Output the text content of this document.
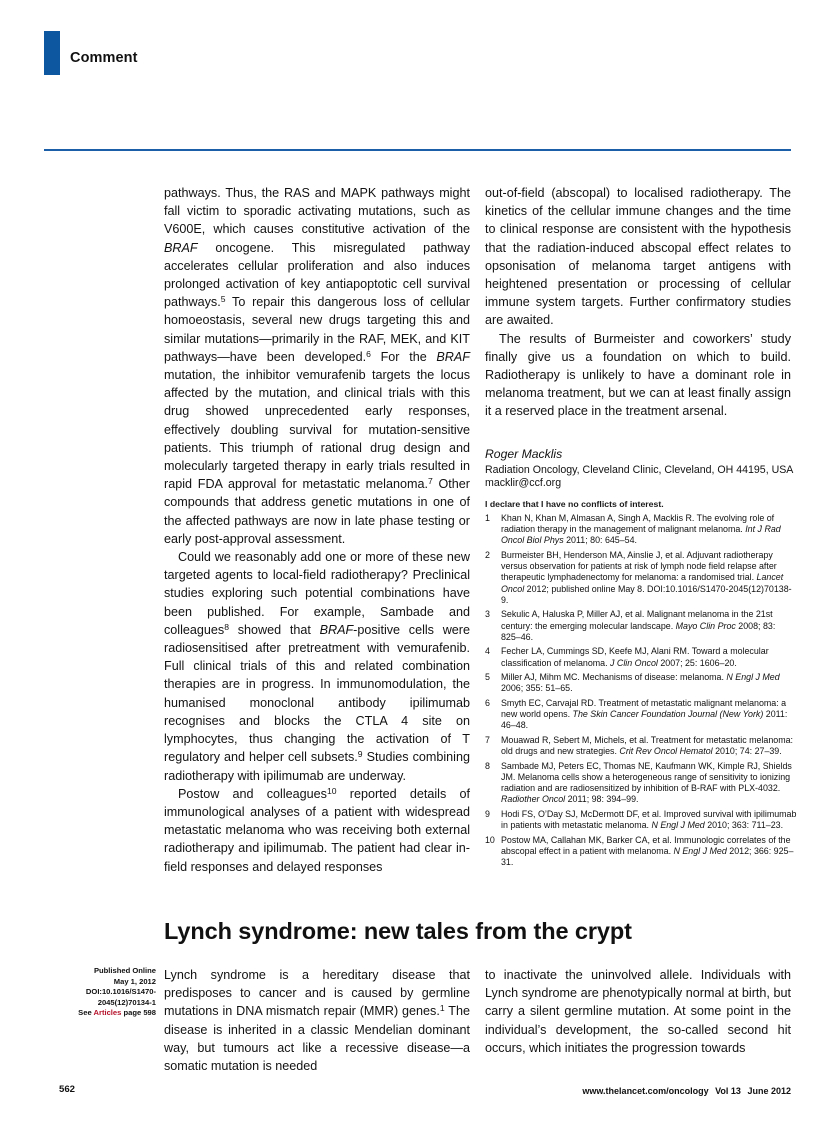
Comment

pathways. Thus, the RAS and MAPK pathways might fall victim to sporadic activating mutations, such as V600E, which causes constitutive activation of the BRAF oncogene. This misregulated pathway accelerates cellular proliferation and also induces prolonged activation of key antiapoptotic cell survival pathways.$^5$ To repair this dangerous loss of cellular homoeostasis, several new drugs targeting this and similar mutations—primarily in the RAF, MEK, and KIT pathways—have been developed.$^6$ For the BRAF mutation, the inhibitor vemurafenib targets the locus affected by the mutation, and clinical trials with this drug showed unprecedented early responses, effectively doubling survival for mutation-sensitive patients. This triumph of rational drug design and molecularly targeted therapy in early trials resulted in rapid FDA approval for metastatic melanoma.$^7$ Other compounds that address genetic mutations in one of the affected pathways are now in late phase testing or early post-approval assessment.

Could we reasonably add one or more of these new targeted agents to local-field radiotherapy? Preclinical studies exploring such potential combinations have been published. For example, Sambade and colleagues$^8$ showed that BRAF-positive cells were radiosensitised after pretreatment with vemurafenib. Full clinical trials of this and related combination therapies are in progress. In immunomodulation, the humanised monoclonal antibody ipilimumab recognises and blocks the CTLA 4 site on lymphocytes, thus changing the activation of T regulatory and helper cell subsets.$^9$ Studies combining radiotherapy with ipilimumab are underway.

Postow and colleagues$^{10}$ reported details of immunological analyses of a patient with widespread metastatic melanoma who was receiving both external radiotherapy and ipilimumab. The patient had clear in-field responses and delayed responses

out-of-field (abscopal) to localised radiotherapy. The kinetics of the cellular immune changes and the time to clinical response are consistent with the hypothesis that the radiation-induced abscopal effect relates to opsonisation of melanoma target antigens with heightened presentation or processing of cellular immune system targets. Further confirmatory studies are awaited.

The results of Burmeister and coworkers’ study finally give us a foundation on which to build. Radiotherapy is unlikely to have a dominant role in melanoma treatment, but we can at least finally assign it a reserved place in the treatment arsenal.

Roger Macklis
Radiation Oncology, Cleveland Clinic, Cleveland, OH 44195, USA
macklir@ccf.org
I declare that I have no conflicts of interest.
1	Khan N, Khan M, Almasan A, Singh A, Macklis R. The evolving role of radiation therapy in the management of malignant melanoma. Int J Rad Oncol Biol Phys 2011; 80: 645–54.
2	Burmeister BH, Henderson MA, Ainslie J, et al. Adjuvant radiotherapy versus observation for patients at risk of lymph node field relapse after therapeutic lymphadenectomy for melanoma: a randomised trial. Lancet Oncol 2012; published online May 8. DOI:10.1016/S1470-2045(12)70138-9.
3	Sekulic A, Haluska P, Miller AJ, et al. Malignant melanoma in the 21st century: the emerging molecular landscape. Mayo Clin Proc 2008; 83: 825–46.
4	Fecher LA, Cummings SD, Keefe MJ, Alani RM. Toward a molecular classification of melanoma. J Clin Oncol 2007; 25: 1606–20.
5	Miller AJ, Mihm MC. Mechanisms of disease: melanoma. N Engl J Med 2006; 355: 51–65.
6	Smyth EC, Carvajal RD. Treatment of metastatic malignant melanoma: a new world opens. The Skin Cancer Foundation Journal (New York) 2011: 46–48.
7	Mouawad R, Sebert M, Michels, et al. Treatment for metastatic melanoma: old drugs and new strategies. Crit Rev Oncol Hematol 2010; 74: 27–39.
8	Sambade MJ, Peters EC, Thomas NE, Kaufmann WK, Kimple RJ, Shields JM. Melanoma cells show a heterogeneous range of sensitivity to ionizing radiation and are radiosensitized by inhibition of B-RAF with PLX-4032. Radiother Oncol 2011; 98: 394–99.
9	Hodi FS, O’Day SJ, McDermott DF, et al. Improved survival with ipilimumab in patients with metastatic melanoma. N Engl J Med 2010; 363: 711–23.
10 Postow MA, Callahan MK, Barker CA, et al. Immunologic correlates of the abscopal effect in a patient with melanoma. N Engl J Med 2012; 366: 925–31.
Lynch syndrome: new tales from the crypt
Published Online
May 1, 2012
DOI:10.1016/S1470-
2045(12)70134-1
See Articles page 598

Lynch syndrome is a hereditary disease that predisposes to cancer and is caused by germline mutations in DNA mismatch repair (MMR) genes.$^1$ The disease is inherited in a classic Mendelian dominant way, but tumours act like a recessive disease—a somatic mutation is needed

to inactivate the uninvolved allele. Individuals with Lynch syndrome are phenotypically normal at birth, but carry a silent germline mutation. At some point in the individual’s development, the so-called second hit occurs, which initiates the progression towards

562	www.thelancet.com/oncology Vol 13 June 2012
